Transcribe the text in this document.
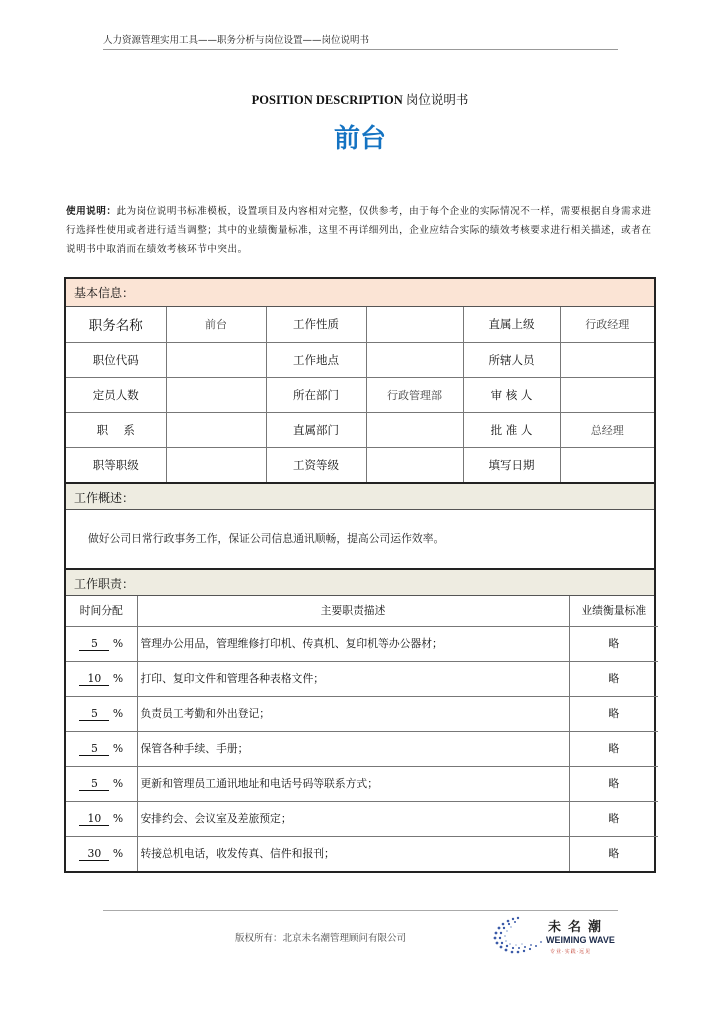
人力资源管理实用工具——职务分析与岗位设置——岗位说明书
POSITION DESCRIPTION 岗位说明书
前台
使用说明：此为岗位说明书标准模板，设置项目及内容相对完整，仅供参考，由于每个企业的实际情况不一样，需要根据自身需求进行选择性使用或者进行适当调整；其中的业绩衡量标准，这里不再详细列出，企业应结合实际的绩效考核要求进行相关描述，或者在说明书中取消而在绩效考核环节中突出。
基本信息：
职务名称	前台	工作性质		直属上级	行政经理
职位代码		工作地点		所辖人员	
定员人数		所在部门	行政管理部	审 核 人	
职　 系		直属部门		批 准 人	总经理
职等职级		工资等级		填写日期	
工作概述：
做好公司日常行政事务工作，保证公司信息通讯顺畅，提高公司运作效率。
工作职责：
时间分配	主要职责描述	业绩衡量标准
5 %	管理办公用品，管理维修打印机、传真机、复印机等办公器材；	略
10 %	打印、复印文件和管理各种表格文件；	略
5 %	负责员工考勤和外出登记；	略
5 %	保管各种手续、手册；	略
5 %	更新和管理员工通讯地址和电话号码等联系方式；	略
10 %	安排约会、会议室及差旅预定；	略
30 %	转接总机电话，收发传真、信件和报刊；	略
版权所有：北京未名潮管理顾问有限公司
未名潮
WEIMING WAVE
专业·实践·远见
